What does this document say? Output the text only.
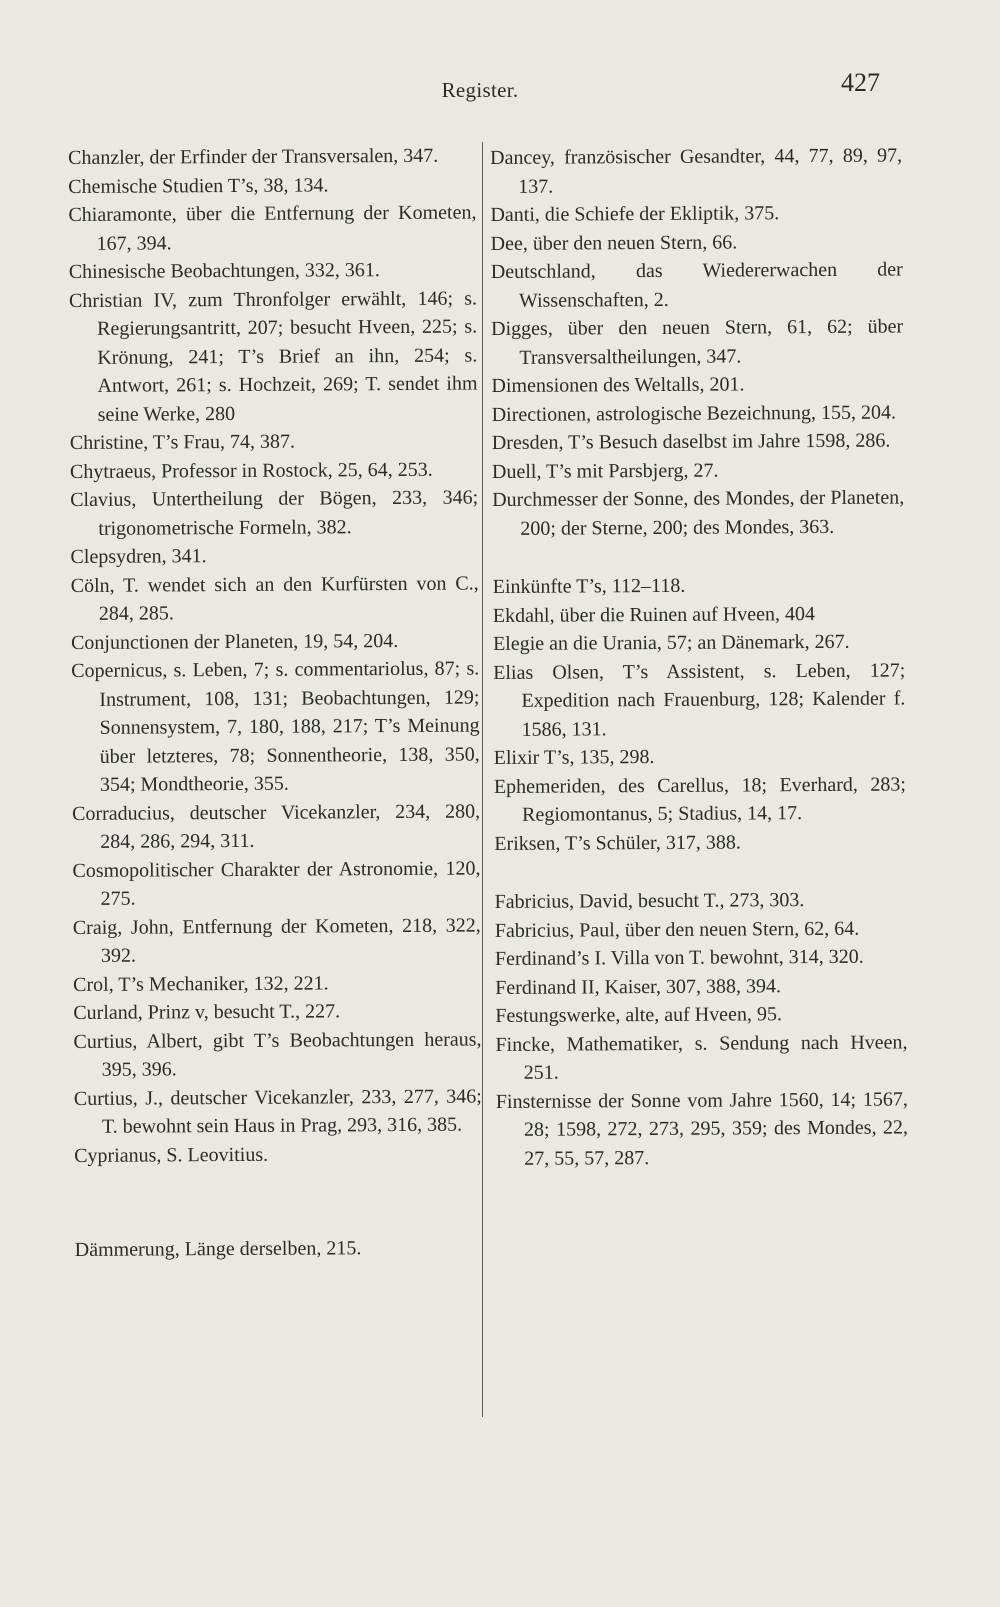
Register.	427

Chanzler, der Erfinder der Transversalen, 347.

Chemische Studien T’s, 38, 134.

Chiaramonte, über die Entfernung der Kometen, 167, 394.

Chinesische Beobachtungen, 332, 361.

Christian IV, zum Thronfolger erwählt, 146; s. Regierungsantritt, 207; besucht Hveen, 225; s. Krönung, 241; T’s Brief an ihn, 254; s. Antwort, 261; s. Hochzeit, 269; T. sendet ihm seine Werke, 280

Christine, T’s Frau, 74, 387.

Chytraeus, Professor in Rostock, 25, 64, 253.

Clavius, Untertheilung der Bögen, 233, 346; trigonometrische Formeln, 382.

Clepsydren, 341.

Cöln, T. wendet sich an den Kurfürsten von C., 284, 285.

Conjunctionen der Planeten, 19, 54, 204.

Copernicus, s. Leben, 7; s. commentariolus, 87; s. Instrument, 108, 131; Beobachtungen, 129; Sonnensystem, 7, 180, 188, 217; T’s Meinung über letzteres, 78; Sonnentheorie, 138, 350, 354; Mondtheorie, 355.

Corraducius, deutscher Vicekanzler, 234, 280, 284, 286, 294, 311.

Cosmopolitischer Charakter der Astronomie, 120, 275.

Craig, John, Entfernung der Kometen, 218, 322, 392.

Crol, T’s Mechaniker, 132, 221.

Curland, Prinz v, besucht T., 227.

Curtius, Albert, gibt T’s Beobachtungen heraus, 395, 396.

Curtius, J., deutscher Vicekanzler, 233, 277, 346; T. bewohnt sein Haus in Prag, 293, 316, 385.

Cyprianus, S. Leovitius.

Dämmerung, Länge derselben, 215.

Dancey, französischer Gesandter, 44, 77, 89, 97, 137.

Danti, die Schiefe der Ekliptik, 375.

Dee, über den neuen Stern, 66.

Deutschland, das Wiedererwachen der Wissenschaften, 2.

Digges, über den neuen Stern, 61, 62; über Transversaltheilungen, 347.

Dimensionen des Weltalls, 201.

Directionen, astrologische Bezeichnung, 155, 204.

Dresden, T’s Besuch daselbst im Jahre 1598, 286.

Duell, T’s mit Parsbjerg, 27.

Durchmesser der Sonne, des Mondes, der Planeten, 200; der Sterne, 200; des Mondes, 363.

Einkünfte T’s, 112–118.

Ekdahl, über die Ruinen auf Hveen, 404

Elegie an die Urania, 57; an Dänemark, 267.

Elias Olsen, T’s Assistent, s. Leben, 127; Expedition nach Frauenburg, 128; Kalender f. 1586, 131.

Elixir T’s, 135, 298.

Ephemeriden, des Carellus, 18; Everhard, 283; Regiomontanus, 5; Stadius, 14, 17.

Eriksen, T’s Schüler, 317, 388.

Fabricius, David, besucht T., 273, 303.

Fabricius, Paul, über den neuen Stern, 62, 64.

Ferdinand’s I. Villa von T. bewohnt, 314, 320.

Ferdinand II, Kaiser, 307, 388, 394.

Festungswerke, alte, auf Hveen, 95.

Fincke, Mathematiker, s. Sendung nach Hveen, 251.

Finsternisse der Sonne vom Jahre 1560, 14; 1567, 28; 1598, 272, 273, 295, 359; des Mondes, 22, 27, 55, 57, 287.
